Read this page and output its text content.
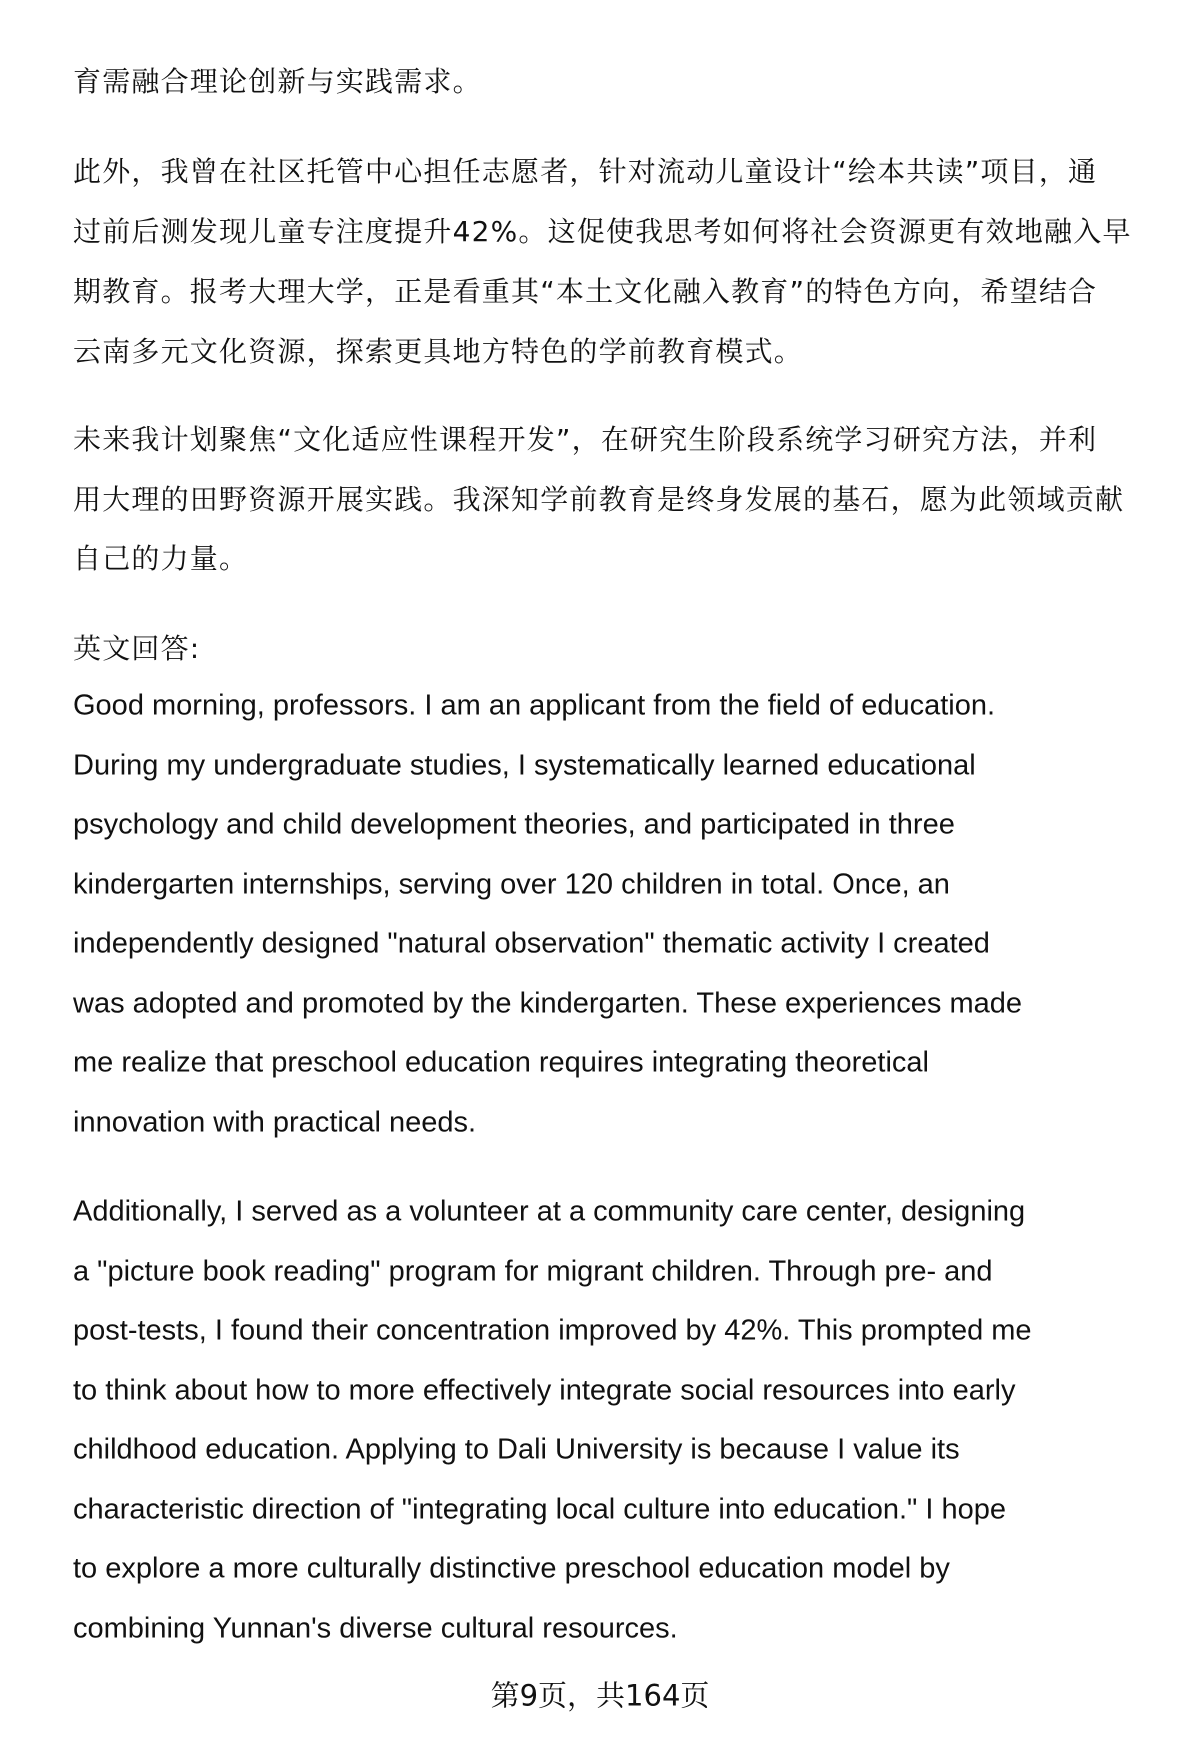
育需融合理论创新与实践需求。
此外，我曾在社区托管中心担任志愿者，针对流动儿童设计“绘本共读”项目，通
过前后测发现儿童专注度提升42%。这促使我思考如何将社会资源更有效地融入早
期教育。报考大理大学，正是看重其“本土文化融入教育”的特色方向，希望结合
云南多元文化资源，探索更具地方特色的学前教育模式。
未来我计划聚焦“文化适应性课程开发”，在研究生阶段系统学习研究方法，并利
用大理的田野资源开展实践。我深知学前教育是终身发展的基石，愿为此领域贡献
自己的力量。
英文回答:
Good morning, professors. I am an applicant from the field of education.
During my undergraduate studies, I systematically learned educational
psychology and child development theories, and participated in three
kindergarten internships, serving over 120 children in total. Once, an
independently designed "natural observation" thematic activity I created
was adopted and promoted by the kindergarten. These experiences made
me realize that preschool education requires integrating theoretical
innovation with practical needs.
Additionally, I served as a volunteer at a community care center, designing
a "picture book reading" program for migrant children. Through pre- and
post-tests, I found their concentration improved by 42%. This prompted me
to think about how to more effectively integrate social resources into early
childhood education. Applying to Dali University is because I value its
characteristic direction of "integrating local culture into education." I hope
to explore a more culturally distinctive preschool education model by
combining Yunnan's diverse cultural resources.
第9页，共164页
